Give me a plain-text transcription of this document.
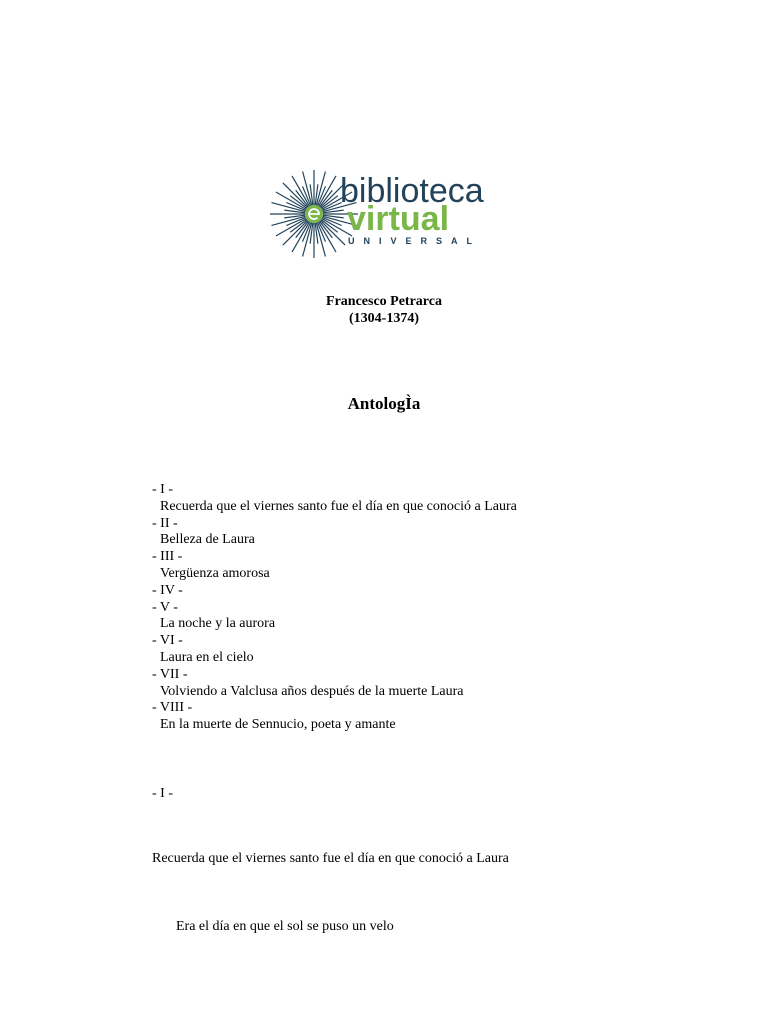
biblioteca
virtual
UNIVERSAL
Francesco Petrarca
(1304-1374)
AntologÌa
- I -
Recuerda que el viernes santo fue el día en que conoció a Laura
- II -
Belleza de Laura
- III -
Vergüenza amorosa
- IV -
- V -
La noche y la aurora
- VI -
Laura en el cielo
- VII -
Volviendo a Valclusa años después de la muerte Laura
- VIII -
En la muerte de Sennucio, poeta y amante
- I -
Recuerda que el viernes santo fue el día en que conoció a Laura
Era el día en que el sol se puso un velo
